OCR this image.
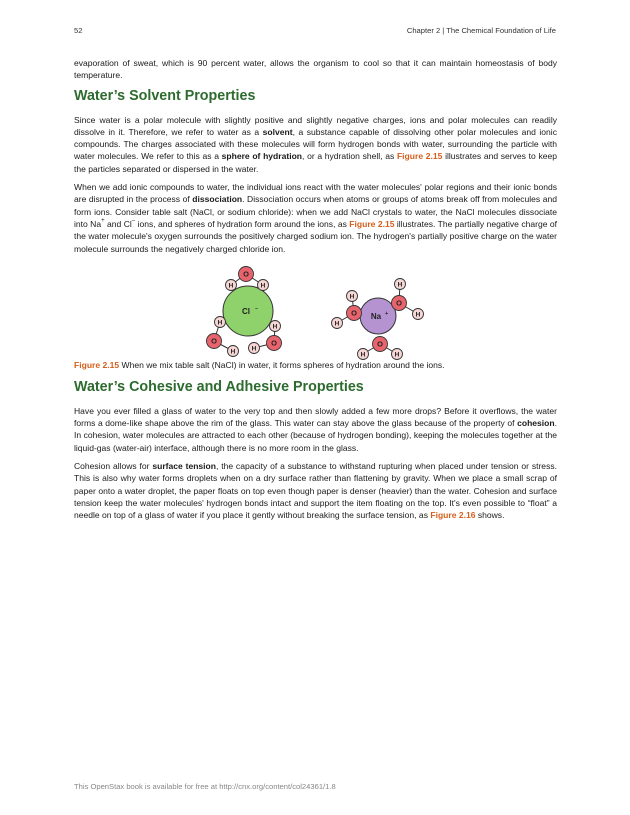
52	Chapter 2 | The Chemical Foundation of Life

evaporation of sweat, which is 90 percent water, allows the organism to cool so that it can maintain homeostasis of body temperature.

Water’s Solvent Properties

Since water is a polar molecule with slightly positive and slightly negative charges, ions and polar molecules can readily dissolve in it. Therefore, we refer to water as a solvent, a substance capable of dissolving other polar molecules and ionic compounds. The charges associated with these molecules will form hydrogen bonds with water, surrounding the particle with water molecules. We refer to this as a sphere of hydration, or a hydration shell, as Figure 2.15 illustrates and serves to keep the particles separated or dispersed in the water.

When we add ionic compounds to water, the individual ions react with the water molecules' polar regions and their ionic bonds are disrupted in the process of dissociation. Dissociation occurs when atoms or groups of atoms break off from molecules and form ions. Consider table salt (NaCl, or sodium chloride): when we add NaCl crystals to water, the NaCl molecules dissociate into Na+ and Cl– ions, and spheres of hydration form around the ions, as Figure 2.15 illustrates. The partially negative charge of the water molecule's oxygen surrounds the positively charged sodium ion. The hydrogen's partially positive charge on the water molecule surrounds the negatively charged chloride ion.

Cl –
O
H	H
O
H
H
O
H
H
Na +
O
H
H
O
H
H
O
H	H

Figure 2.15 When we mix table salt (NaCl) in water, it forms spheres of hydration around the ions.

Water’s Cohesive and Adhesive Properties

Have you ever filled a glass of water to the very top and then slowly added a few more drops? Before it overflows, the water forms a dome-like shape above the rim of the glass. This water can stay above the glass because of the property of cohesion. In cohesion, water molecules are attracted to each other (because of hydrogen bonding), keeping the molecules together at the liquid-gas (water-air) interface, although there is no more room in the glass.

Cohesion allows for surface tension, the capacity of a substance to withstand rupturing when placed under tension or stress. This is also why water forms droplets when on a dry surface rather than flattening by gravity. When we place a small scrap of paper onto a water droplet, the paper floats on top even though paper is denser (heavier) than the water. Cohesion and surface tension keep the water molecules' hydrogen bonds intact and support the item floating on the top. It's even possible to “float” a needle on top of a glass of water if you place it gently without breaking the surface tension, as Figure 2.16 shows.

This OpenStax book is available for free at http://cnx.org/content/col24361/1.8
